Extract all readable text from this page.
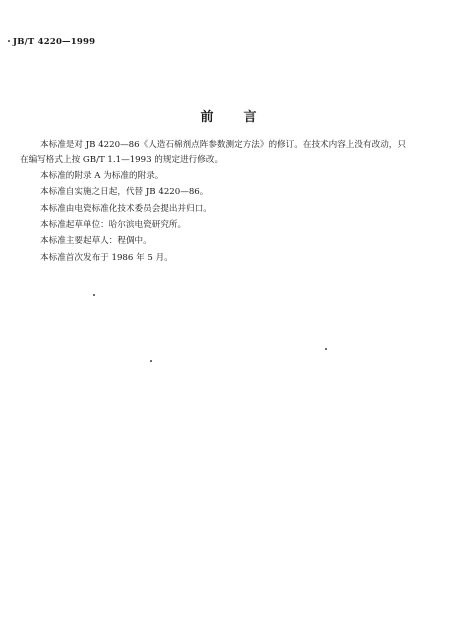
JB/T 4220—1999
前 言
本标准是对 JB 4220—86《人造石棉剂点阵参数测定方法》的修订。在技术内容上没有改动，只
在编写格式上按 GB/T 1.1—1993 的规定进行修改。
本标准的附录 A 为标准的附录。
本标准自实施之日起，代替 JB 4220—86。
本标准由电瓷标准化技术委员会提出并归口。
本标准起草单位：哈尔滨电瓷研究所。
本标准主要起草人：程倜中。
本标准首次发布于 1986 年 5 月。
